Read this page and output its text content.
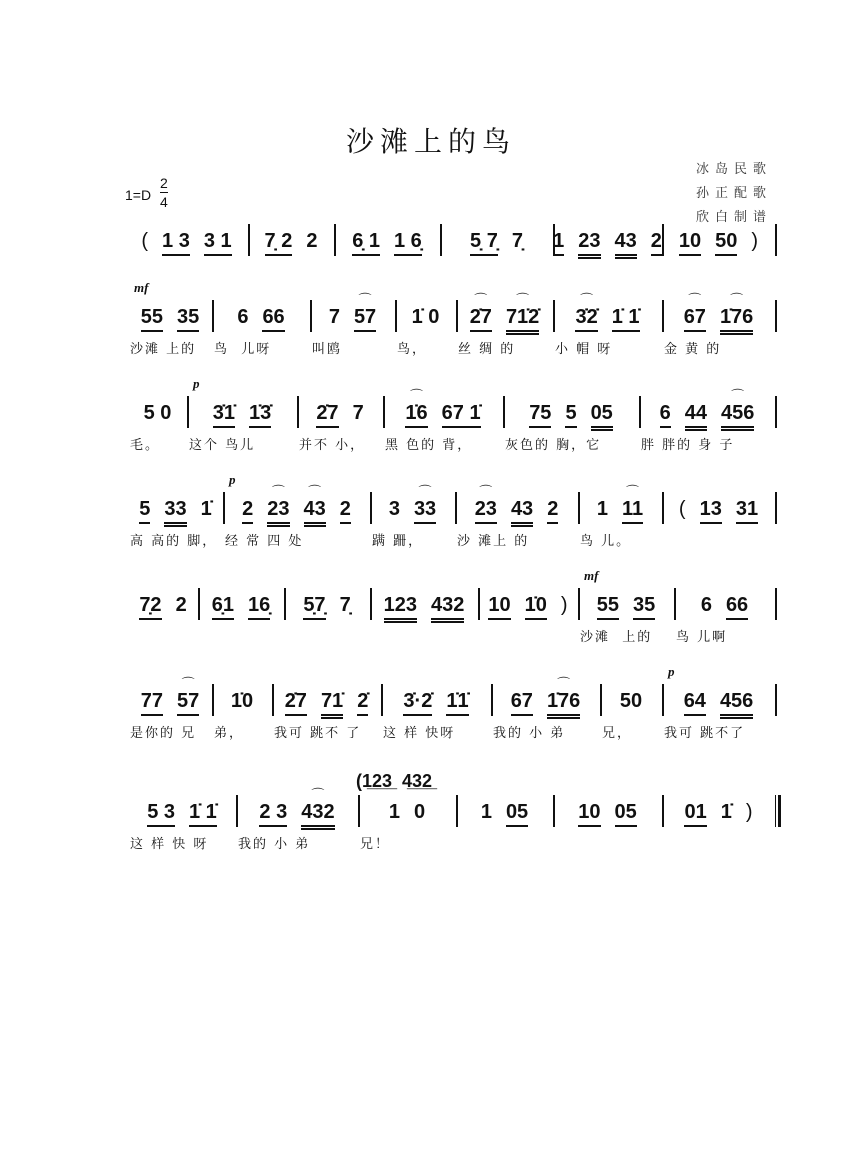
沙滩上的鸟
冰岛民歌
孙正配歌
欣白制谱
$1=D \frac{2}{4}$
( 1 3 3 1 7̣ 2 2 6̣ 1 1 6̣ 5̣ 7̣ 7̣ 1 23 43 2 10 50 )
55 35
mf
沙滩 上的
6 66
鸟  儿呀
7 ⌒ 57
叫鸥
1̇ 0
鸟，
⌒ 2̇7 ⌒ 71̇2̇
丝 绸 的
⌒ 3̇2̇ 1̇ 1̇
小 帽 呀
⌒ 67 ⌒ 1̇76
金 黄 的
5 0
毛。
3̇1̇ 1̇3̇
p
这个 鸟儿
2̇7 7
并不 小，
⌒ 1̇6 67 1̇
黑 色的 背，
75 5 05
灰色的 胸，它
6 44 ⌒ 456
胖 胖的 身 子
5 33 1̇
高 高的 脚，
2 ⌒ 23 ⌒ 43 2
p
经 常 四 处
3 ⌒ 33
蹒 跚，
⌒ 23 43 2
沙 滩上 的
1 ⌒ 11
鸟 儿。
( 13 31
7̣2 2 6̣1 16̣ 5̣7̣ 7̣ 123 432 10 1̇0 ) 55 35
mf
沙滩  上的
6 66
鸟 儿啊
77 ⌒ 57
是你的 兄
1̇0
弟，
2̇7 71̇ 2̇
我可 跳不 了
3̇·2̇ 1̇1̇
这 样 快呀
67 ⌒ 1̇76
我的 小 弟
50
兄，
64 456
p
我可 跳不了
5 3 1̇ 1̇
这 样 快 呀
2 3 ⌒ 432
我的 小 弟
1 0
(1̲2̲3̲  4̲3̲2̲
兄！
1 05	10 05 01 1̇ )
